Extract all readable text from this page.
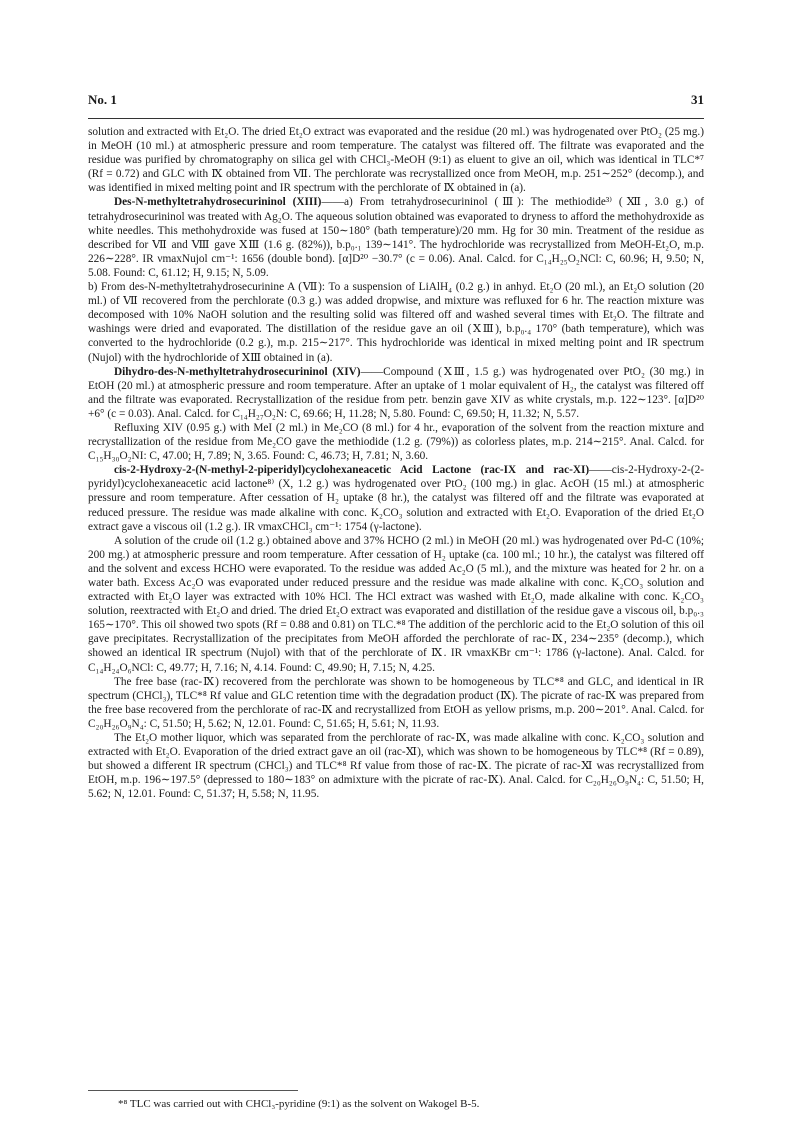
No. 1	31

solution and extracted with Et₂O. The dried Et₂O extract was evaporated and the residue (20 ml.) was hydrogenated over PtO₂ (25 mg.) in MeOH (10 ml.) at atmospheric pressure and room temperature. The catalyst was filtered off. The filtrate was evaporated and the residue was purified by chromatography on silica gel with CHCl₃-MeOH (9:1) as eluent to give an oil, which was identical in TLC*⁷ (Rf = 0.72) and GLC with Ⅸ obtained from Ⅶ. The perchlorate was recrystallized once from MeOH, m.p. 251∼252° (decomp.), and was identified in mixed melting point and IR spectrum with the perchlorate of Ⅸ obtained in (a).

Des-N-methyltetrahydrosecurininol (XIII)——a) From tetrahydrosecurininol (Ⅲ): The methiodide³⁾ (Ⅻ, 3.0 g.) of tetrahydrosecurininol was treated with Ag₂O. The aqueous solution obtained was evaporated to dryness to afford the methohydroxide as white needles. This methohydroxide was fused at 150∼180° (bath temperature)/20 mm. Hg for 30 min. Treatment of the residue as described for Ⅶ and Ⅷ gave ⅩⅢ (1.6 g. (82%)), b.p₀.₁ 139∼141°. The hydrochloride was recrystallized from MeOH-Et₂O, m.p. 226∼228°. IR νmaxNujol cm⁻¹: 1656 (double bond). [α]D²⁰ −30.7° (c = 0.06). Anal. Calcd. for C₁₄H₂₅O₂NCl: C, 60.96; H, 9.50; N, 5.08. Found: C, 61.12; H, 9.15; N, 5.09.

b) From des-N-methyltetrahydrosecurinine A (Ⅶ): To a suspension of LiAlH₄ (0.2 g.) in anhyd. Et₂O (20 ml.), an Et₂O solution (20 ml.) of Ⅶ recovered from the perchlorate (0.3 g.) was added dropwise, and mixture was refluxed for 6 hr. The reaction mixture was decomposed with 10% NaOH solution and the resulting solid was filtered off and washed several times with Et₂O. The filtrate and washings were dried and evaporated. The distillation of the residue gave an oil (ⅩⅢ), b.p₀.₄ 170° (bath temperature), which was converted to the hydrochloride (0.2 g.), m.p. 215∼217°. This hydrochloride was identical in mixed melting point and IR spectrum (Nujol) with the hydrochloride of ⅩⅢ obtained in (a).

Dihydro-des-N-methyltetrahydrosecurininol (XIV)——Compound (ⅩⅢ, 1.5 g.) was hydrogenated over PtO₂ (30 mg.) in EtOH (20 ml.) at atmospheric pressure and room temperature. After an uptake of 1 molar equivalent of H₂, the catalyst was filtered off and the filtrate was evaporated. Recrystallization of the residue from petr. benzin gave XIV as white crystals, m.p. 122∼123°. [α]D²⁰ +6° (c = 0.03). Anal. Calcd. for C₁₄H₂₇O₂N: C, 69.66; H, 11.28; N, 5.80. Found: C, 69.50; H, 11.32; N, 5.57.

Refluxing XIV (0.95 g.) with MeI (2 ml.) in Me₂CO (8 ml.) for 4 hr., evaporation of the solvent from the reaction mixture and recrystallization of the residue from Me₂CO gave the methiodide (1.2 g. (79%)) as colorless plates, m.p. 214∼215°. Anal. Calcd. for C₁₅H₃₀O₂NI: C, 47.00; H, 7.89; N, 3.65. Found: C, 46.73; H, 7.81; N, 3.60.

cis-2-Hydroxy-2-(N-methyl-2-piperidyl)cyclohexaneacetic Acid Lactone (rac-IX and rac-XI)——cis-2-Hydroxy-2-(2-pyridyl)cyclohexaneacetic acid lactone⁸⁾ (X, 1.2 g.) was hydrogenated over PtO₂ (100 mg.) in glac. AcOH (15 ml.) at atmospheric pressure and room temperature. After cessation of H₂ uptake (8 hr.), the catalyst was filtered off and the filtrate was evaporated at reduced pressure. The residue was made alkaline with conc. K₂CO₃ solution and extracted with Et₂O. Evaporation of the dried Et₂O extract gave a viscous oil (1.2 g.). IR νmaxCHCl₃ cm⁻¹: 1754 (γ-lactone).

A solution of the crude oil (1.2 g.) obtained above and 37% HCHO (2 ml.) in MeOH (20 ml.) was hydrogenated over Pd-C (10%; 200 mg.) at atmospheric pressure and room temperature. After cessation of H₂ uptake (ca. 100 ml.; 10 hr.), the catalyst was filtered off and the solvent and excess HCHO were evaporated. To the residue was added Ac₂O (5 ml.), and the mixture was heated for 2 hr. on a water bath. Excess Ac₂O was evaporated under reduced pressure and the residue was made alkaline with conc. K₂CO₃ solution and extracted with Et₂O layer was extracted with 10% HCl. The HCl extract was washed with Et₂O, made alkaline with conc. K₂CO₃ solution, reextracted with Et₂O and dried. The dried Et₂O extract was evaporated and distillation of the residue gave a viscous oil, b.p₀.₃ 165∼170°. This oil showed two spots (Rf = 0.88 and 0.81) on TLC.*⁸ The addition of the perchloric acid to the Et₂O solution of this oil gave precipitates. Recrystallization of the precipitates from MeOH afforded the perchlorate of rac-Ⅸ, 234∼235° (decomp.), which showed an identical IR spectrum (Nujol) with that of the perchlorate of Ⅸ. IR νmaxKBr cm⁻¹: 1786 (γ-lactone). Anal. Calcd. for C₁₄H₂₄O₆NCl: C, 49.77; H, 7.16; N, 4.14. Found: C, 49.90; H, 7.15; N, 4.25.

The free base (rac-Ⅸ) recovered from the perchlorate was shown to be homogeneous by TLC*⁸ and GLC, and identical in IR spectrum (CHCl₃), TLC*⁸ Rf value and GLC retention time with the degradation product (Ⅸ). The picrate of rac-Ⅸ was prepared from the free base recovered from the perchlorate of rac-Ⅸ and recrystallized from EtOH as yellow prisms, m.p. 200∼201°. Anal. Calcd. for C₂₀H₂₆O₉N₄: C, 51.50; H, 5.62; N, 12.01. Found: C, 51.65; H, 5.61; N, 11.93.

The Et₂O mother liquor, which was separated from the perchlorate of rac-Ⅸ, was made alkaline with conc. K₂CO₃ solution and extracted with Et₂O. Evaporation of the dried extract gave an oil (rac-Ⅺ), which was shown to be homogeneous by TLC*⁸ (Rf = 0.89), but showed a different IR spectrum (CHCl₃) and TLC*⁸ Rf value from those of rac-Ⅸ. The picrate of rac-Ⅺ was recrystallized from EtOH, m.p. 196∼197.5° (depressed to 180∼183° on admixture with the picrate of rac-Ⅸ). Anal. Calcd. for C₂₀H₂₆O₉N₄: C, 51.50; H, 5.62; N, 12.01. Found: C, 51.37; H, 5.58; N, 11.95.

*⁸ TLC was carried out with CHCl₃-pyridine (9:1) as the solvent on Wakogel B-5.
